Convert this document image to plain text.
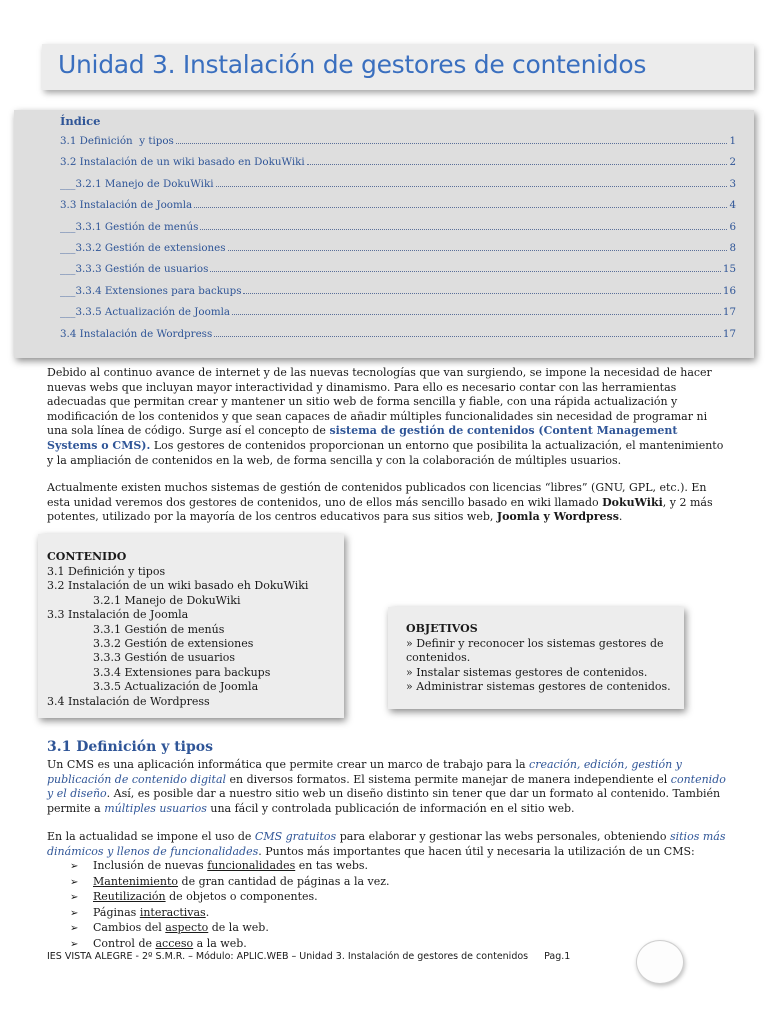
Unidad 3. Instalación de gestores de contenidos
Índice
3.1 Definición  y tipos	1
3.2 Instalación de un wiki basado en DokuWiki	2
___3.2.1 Manejo de DokuWiki	3
3.3 Instalación de Joomla	4
___3.3.1 Gestión de menús	6
___3.3.2 Gestión de extensiones	8
___3.3.3 Gestión de usuarios	15
___3.3.4 Extensiones para backups	16
___3.3.5 Actualización de Joomla	17
3.4 Instalación de Wordpress	17

Debido al continuo avance de internet y de las nuevas tecnologías que van surgiendo, se impone la necesidad de hacer nuevas webs que incluyan mayor interactividad y dinamismo. Para ello es necesario contar con las herramientas adecuadas que permitan crear y mantener un sitio web de forma sencilla y fiable, con una rápida actualización y modificación de los contenidos y que sean capaces de añadir múltiples funcionalidades sin necesidad de programar ni una sola línea de código. Surge así el concepto de sistema de gestión de contenidos (Content Management Systems o CMS). Los gestores de contenidos proporcionan un entorno que posibilita la actualización, el mantenimiento y la ampliación de contenidos en la web, de forma sencilla y con la colaboración de múltiples usuarios.

Actualmente existen muchos sistemas de gestión de contenidos publicados con licencias “libres” (GNU, GPL, etc.). En esta unidad veremos dos gestores de contenidos, uno de ellos más sencillo basado en wiki llamado DokuWiki, y 2 más potentes, utilizado por la mayoría de los centros educativos para sus sitios web, Joomla y Wordpress.

CONTENIDO
3.1 Definición y tipos
3.2 Instalación de un wiki basado eh DokuWiki
3.2.1 Manejo de DokuWiki
3.3 Instalación de Joomla
3.3.1 Gestión de menús
3.3.2 Gestión de extensiones
3.3.3 Gestión de usuarios
3.3.4 Extensiones para backups
3.3.5 Actualización de Joomla
3.4 Instalación de Wordpress
OBJETIVOS
» Definir y reconocer los sistemas gestores de contenidos.
» Instalar sistemas gestores de contenidos.
» Administrar sistemas gestores de contenidos.
3.1 Definición y tipos

Un CMS es una aplicación informática que permite crear un marco de trabajo para la creación, edición, gestión y publicación de contenido digital en diversos formatos. El sistema permite manejar de manera independiente el contenido y el diseño. Así, es posible dar a nuestro sitio web un diseño distinto sin tener que dar un formato al contenido. También permite a múltiples usuarios una fácil y controlada publicación de información en el sitio web.

En la actualidad se impone el uso de CMS gratuitos para elaborar y gestionar las webs personales, obteniendo sitios más dinámicos y llenos de funcionalidades. Puntos más importantes que hacen útil y necesaria la utilización de un CMS:

➢	Inclusión de nuevas funcionalidades en tas webs.
➢	Mantenimiento de gran cantidad de páginas a la vez.
➢	Reutilización de objetos o componentes.
➢	Páginas interactivas.
➢	Cambios del aspecto de la web.
➢	Control de acceso a la web.
IES VISTA ALEGRE - 2º S.M.R. – Módulo: APLIC.WEB – Unidad 3. Instalación de gestores de contenidos Pag.1
